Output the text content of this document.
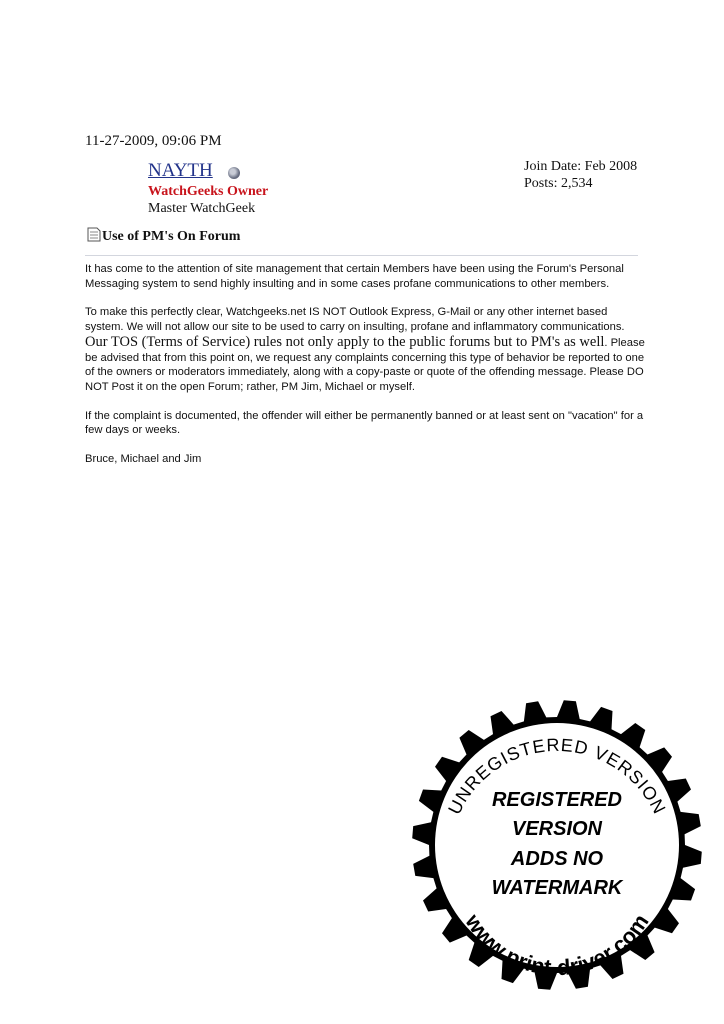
11-27-2009, 09:06 PM
NAYTH
WatchGeeks Owner
Master WatchGeek
Join Date: Feb 2008
Posts: 2,534
Use of PM's On Forum

It has come to the attention of site management that certain Members have been using the Forum's Personal Messaging system to send highly insulting and in some cases profane communications to other members.

To make this perfectly clear, Watchgeeks.net IS NOT Outlook Express, G-Mail or any other internet based system. We will not allow our site to be used to carry on insulting, profane and inflammatory communications. Our TOS (Terms of Service) rules not only apply to the public forums but to PM's as well. Please be advised that from this point on, we request any complaints concerning this type of behavior be reported to one of the owners or moderators immediately, along with a copy-paste or quote of the offending message. Please DO NOT Post it on the open Forum; rather, PM Jim, Michael or myself.

If the complaint is documented, the offender will either be permanently banned or at least sent on "vacation" for a few days or weeks.

Bruce, Michael and Jim

UNREGISTERED VERSION
www.print-driver.com
REGISTERED
VERSION
ADDS NO
WATERMARK
